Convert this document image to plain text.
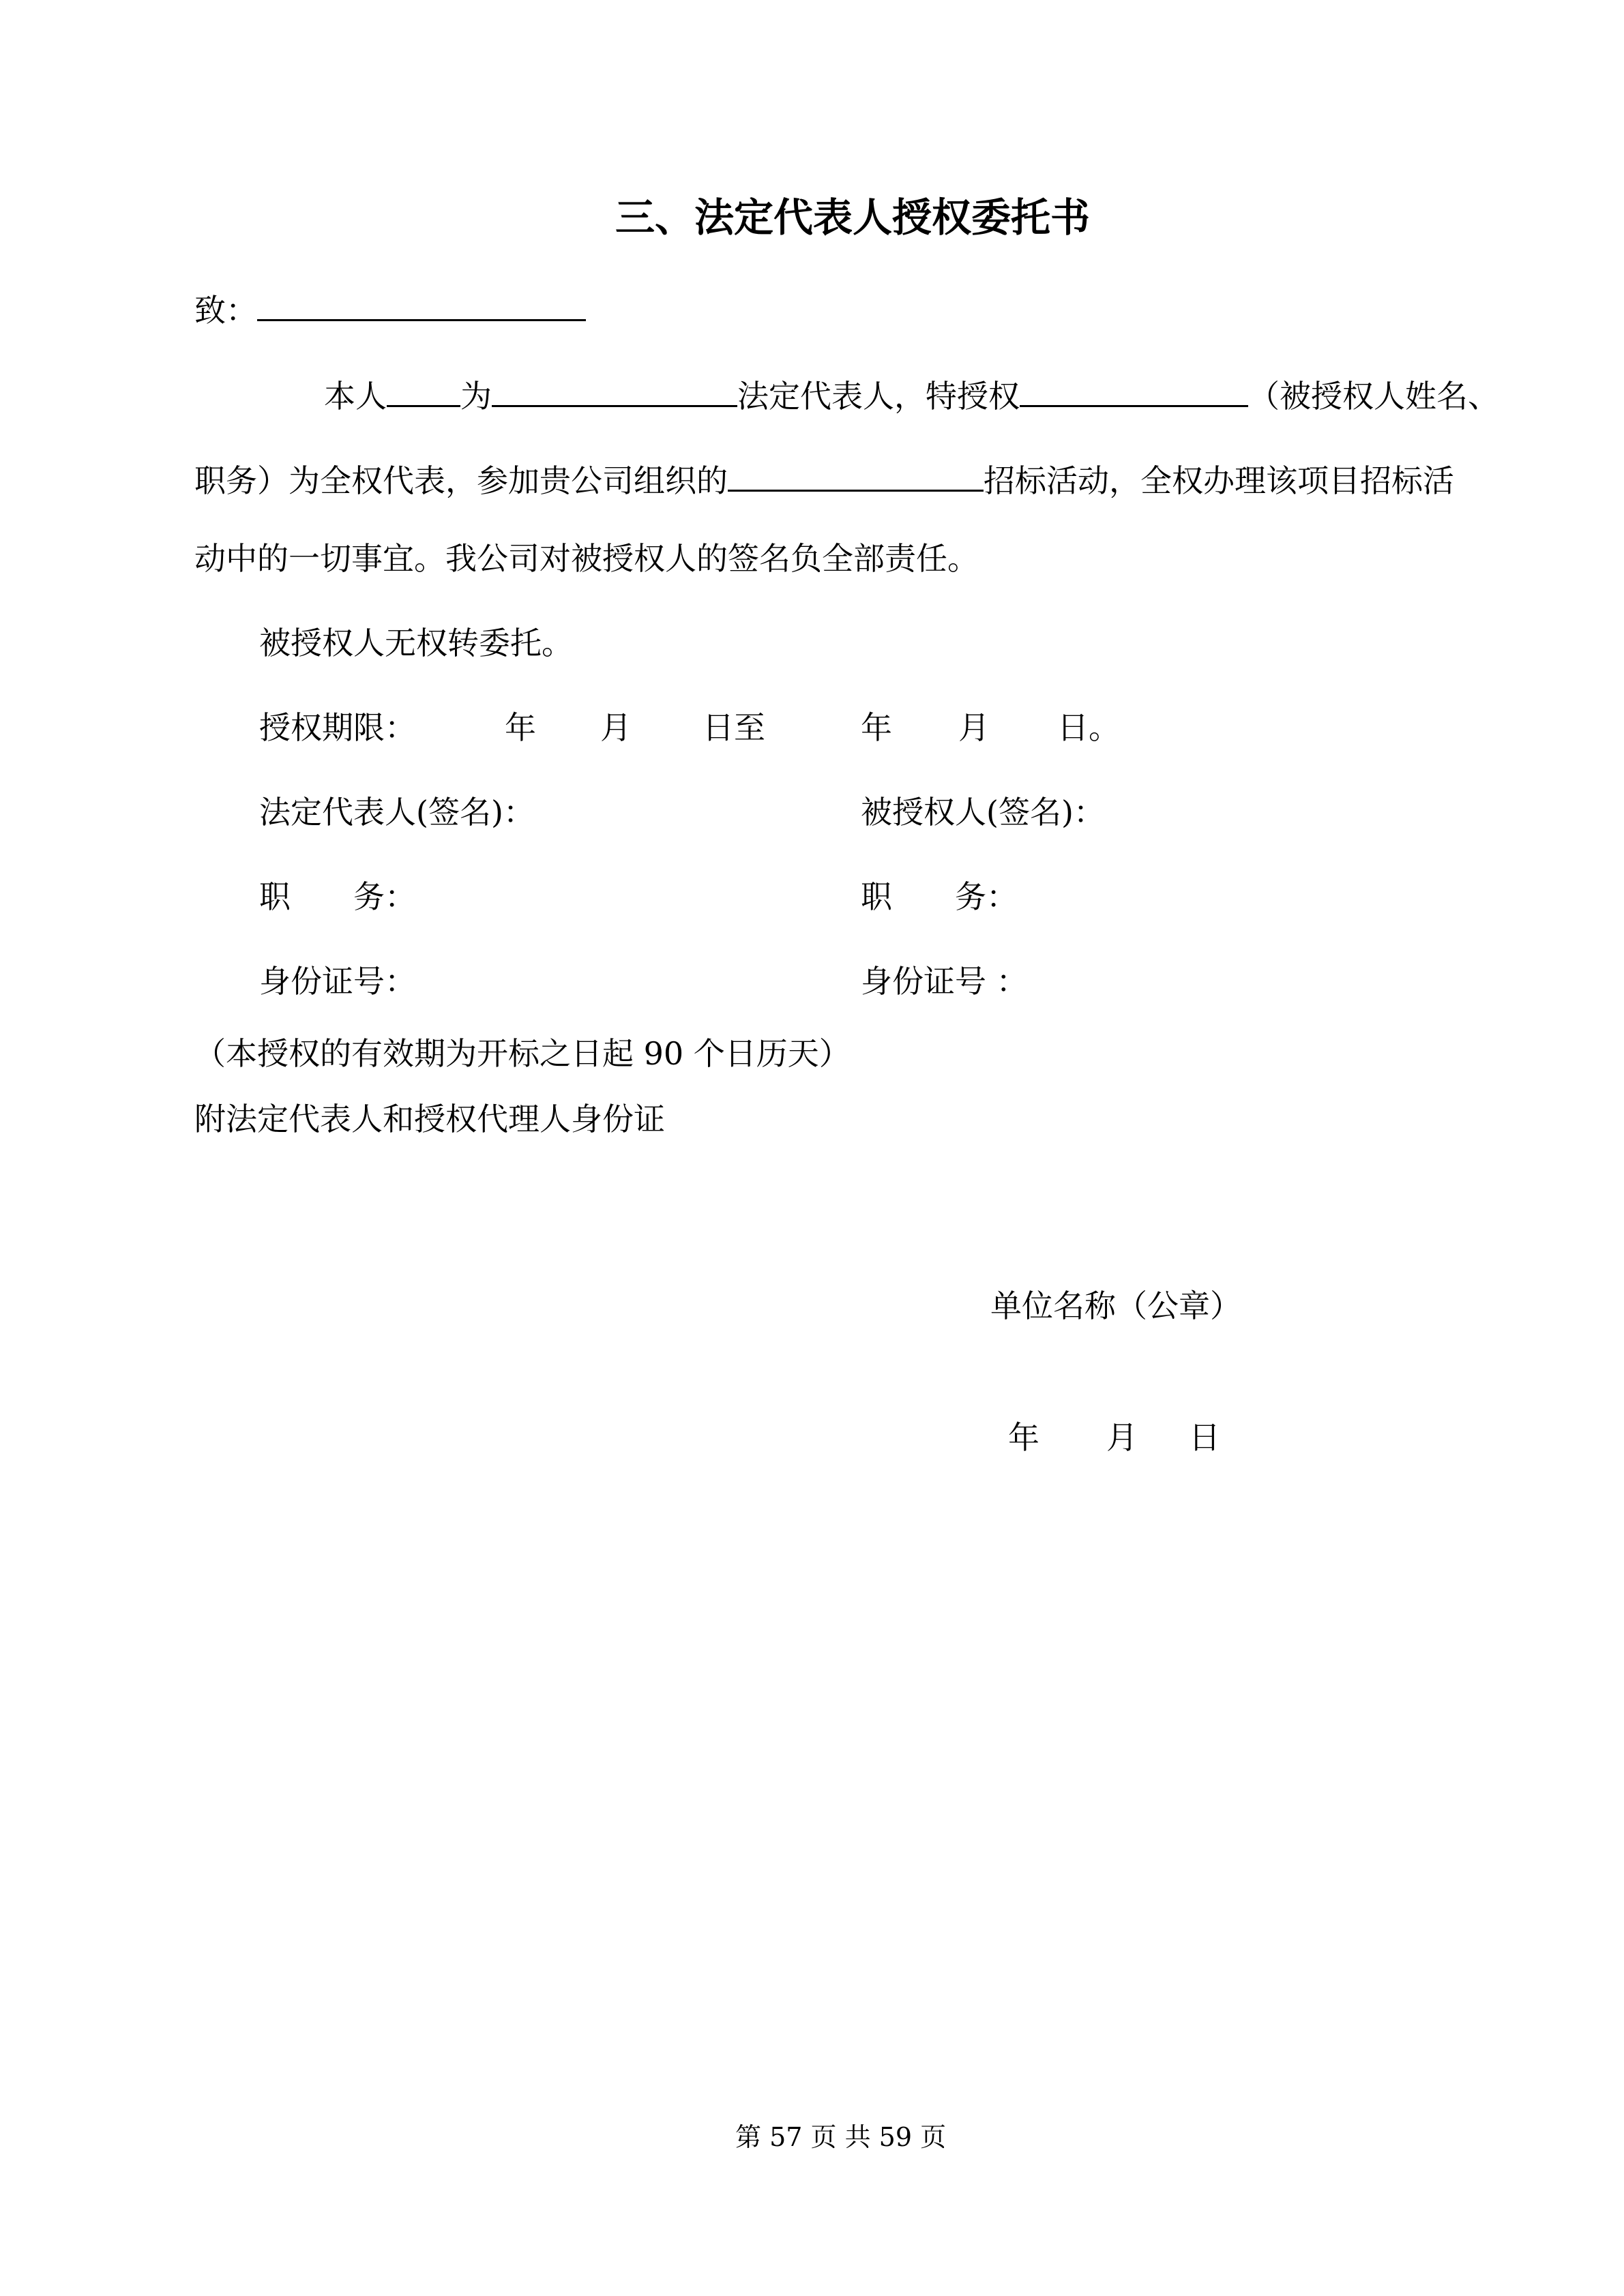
三、法定代表人授权委托书
致：
本人 为	法定代表人，特授权	（被授权人姓名、
职务）为全权代表，参加贵公司组织的	招标活动，全权办理该项目招标活
动中的一切事宜。我公司对被授权人的签名负全部责任。
被授权人无权转委托。
授权期限：	年 月 日至	年 月 日。
法定代表人(签名)：	被授权人(签名)：
职　　务：	职　　务：
身份证号：	身份证号 ：
（本授权的有效期为开标之日起 90 个日历天）
附法定代表人和授权代理人身份证
单位名称（公章）
年 月 日
第 57 页 共 59 页
